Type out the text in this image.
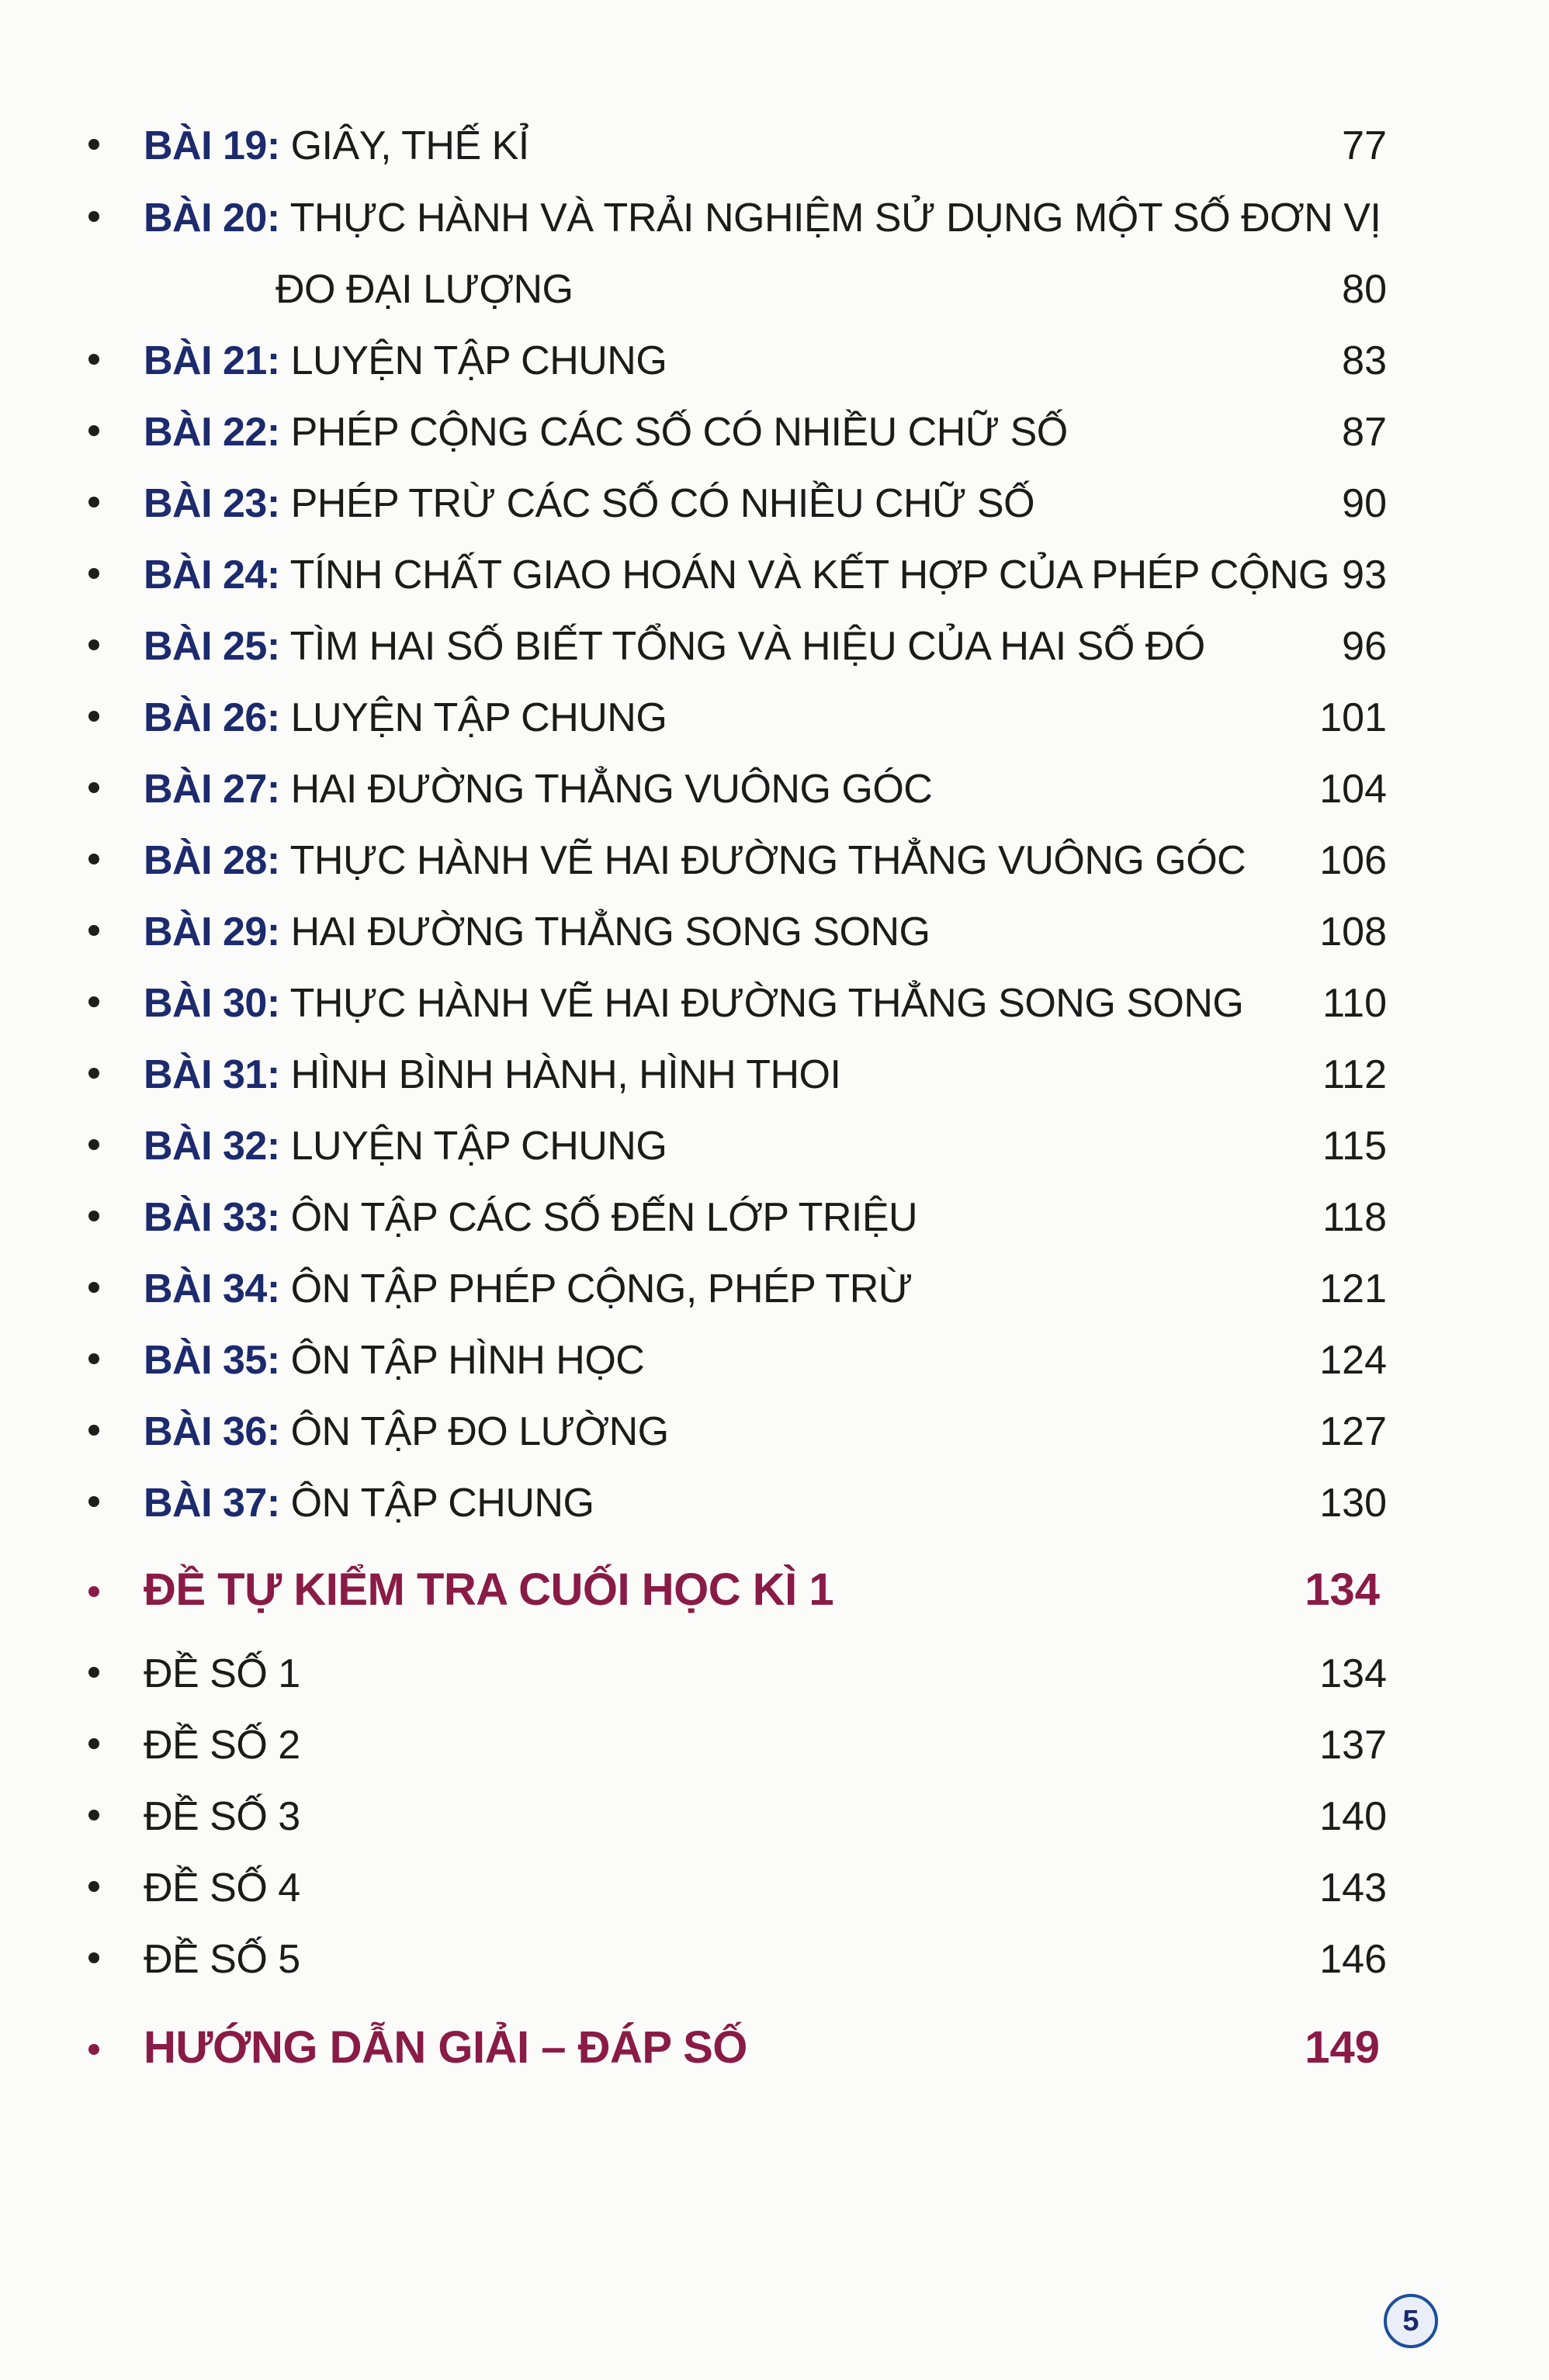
BÀI 19: GIÂY, THẾ KỈ	77
BÀI 20: THỰC HÀNH VÀ TRẢI NGHIỆM SỬ DỤNG MỘT SỐ ĐƠN VỊ
ĐO ĐẠI LƯỢNG	80
BÀI 21: LUYỆN TẬP CHUNG	83
BÀI 22: PHÉP CỘNG CÁC SỐ CÓ NHIỀU CHỮ SỐ	87
BÀI 23: PHÉP TRỪ CÁC SỐ CÓ NHIỀU CHỮ SỐ	90
BÀI 24: TÍNH CHẤT GIAO HOÁN VÀ KẾT HỢP CỦA PHÉP CỘNG 93
BÀI 25: TÌM HAI SỐ BIẾT TỔNG VÀ HIỆU CỦA HAI SỐ ĐÓ	96
BÀI 26: LUYỆN TẬP CHUNG	101
BÀI 27: HAI ĐƯỜNG THẲNG VUÔNG GÓC	104
BÀI 28: THỰC HÀNH VẼ HAI ĐƯỜNG THẲNG VUÔNG GÓC 106
BÀI 29: HAI ĐƯỜNG THẲNG SONG SONG	108
BÀI 30: THỰC HÀNH VẼ HAI ĐƯỜNG THẲNG SONG SONG 110
BÀI 31: HÌNH BÌNH HÀNH, HÌNH THOI	112
BÀI 32: LUYỆN TẬP CHUNG	115
BÀI 33: ÔN TẬP CÁC SỐ ĐẾN LỚP TRIỆU	118
BÀI 34: ÔN TẬP PHÉP CỘNG, PHÉP TRỪ	121
BÀI 35: ÔN TẬP HÌNH HỌC	124
BÀI 36: ÔN TẬP ĐO LƯỜNG	127
BÀI 37: ÔN TẬP CHUNG	130
ĐỀ TỰ KIỂM TRA CUỐI HỌC KÌ 1	134
ĐỀ SỐ 1	134
ĐỀ SỐ 2	137
ĐỀ SỐ 3	140
ĐỀ SỐ 4	143
ĐỀ SỐ 5	146
HƯỚNG DẪN GIẢI – ĐÁP SỐ	149
5
